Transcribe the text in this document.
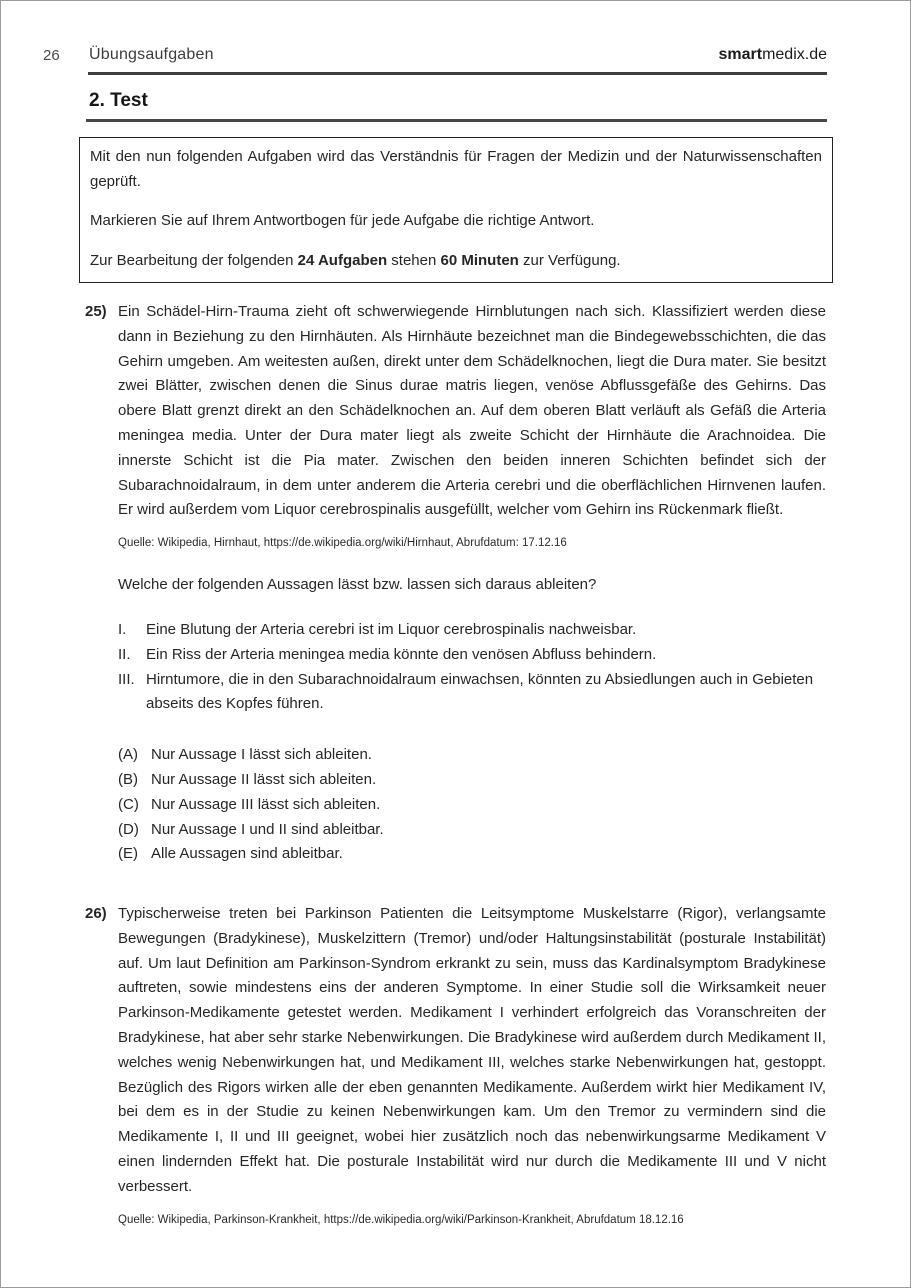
26 Übungsaufgaben	smartmedix.de
2. Test

Mit den nun folgenden Aufgaben wird das Verständnis für Fragen der Medizin und der Naturwissenschaften geprüft.

Markieren Sie auf Ihrem Antwortbogen für jede Aufgabe die richtige Antwort.

Zur Bearbeitung der folgenden 24 Aufgaben stehen 60 Minuten zur Verfügung.

25) Ein Schädel-Hirn-Trauma zieht oft schwerwiegende Hirnblutungen nach sich. Klassifiziert werden diese dann in Beziehung zu den Hirnhäuten. Als Hirnhäute bezeichnet man die Bindegewebsschichten, die das Gehirn umgeben. Am weitesten außen, direkt unter dem Schädelknochen, liegt die Dura mater. Sie besitzt zwei Blätter, zwischen denen die Sinus durae matris liegen, venöse Abflussgefäße des Gehirns. Das obere Blatt grenzt direkt an den Schädelknochen an. Auf dem oberen Blatt verläuft als Gefäß die Arteria meningea media. Unter der Dura mater liegt als zweite Schicht der Hirnhäute die Arachnoidea. Die innerste Schicht ist die Pia mater. Zwischen den beiden inneren Schichten befindet sich der Subarachnoidalraum, in dem unter anderem die Arteria cerebri und die oberflächlichen Hirnvenen laufen. Er wird außerdem vom Liquor cerebrospinalis ausgefüllt, welcher vom Gehirn ins Rückenmark fließt.
Quelle: Wikipedia, Hirnhaut, https://de.wikipedia.org/wiki/Hirnhaut, Abrufdatum: 17.12.16
Welche der folgenden Aussagen lässt bzw. lassen sich daraus ableiten?
I.	Eine Blutung der Arteria cerebri ist im Liquor cerebrospinalis nachweisbar.
II.	Ein Riss der Arteria meningea media könnte den venösen Abfluss behindern.
III. Hirntumore, die in den Subarachnoidalraum einwachsen, könnten zu Absiedlungen auch in Gebieten abseits des Kopfes führen.
(A) Nur Aussage I lässt sich ableiten.
(B) Nur Aussage II lässt sich ableiten.
(C) Nur Aussage III lässt sich ableiten.
(D) Nur Aussage I und II sind ableitbar.
(E) Alle Aussagen sind ableitbar.
26) Typischerweise treten bei Parkinson Patienten die Leitsymptome Muskelstarre (Rigor), verlangsamte Bewegungen (Bradykinese), Muskelzittern (Tremor) und/oder Haltungsinstabilität (posturale Instabilität) auf. Um laut Definition am Parkinson-Syndrom erkrankt zu sein, muss das Kardinalsymptom Bradykinese auftreten, sowie mindestens eins der anderen Symptome. In einer Studie soll die Wirksamkeit neuer Parkinson-Medikamente getestet werden. Medikament I verhindert erfolgreich das Voranschreiten der Bradykinese, hat aber sehr starke Nebenwirkungen. Die Bradykinese wird außerdem durch Medikament II, welches wenig Nebenwirkungen hat, und Medikament III, welches starke Nebenwirkungen hat, gestoppt. Bezüglich des Rigors wirken alle der eben genannten Medikamente. Außerdem wirkt hier Medikament IV, bei dem es in der Studie zu keinen Nebenwirkungen kam. Um den Tremor zu vermindern sind die Medikamente I, II und III geeignet, wobei hier zusätzlich noch das nebenwirkungsarme Medikament V einen lindernden Effekt hat. Die posturale Instabilität wird nur durch die Medikamente III und V nicht verbessert.
Quelle: Wikipedia, Parkinson-Krankheit, https://de.wikipedia.org/wiki/Parkinson-Krankheit, Abrufdatum 18.12.16
